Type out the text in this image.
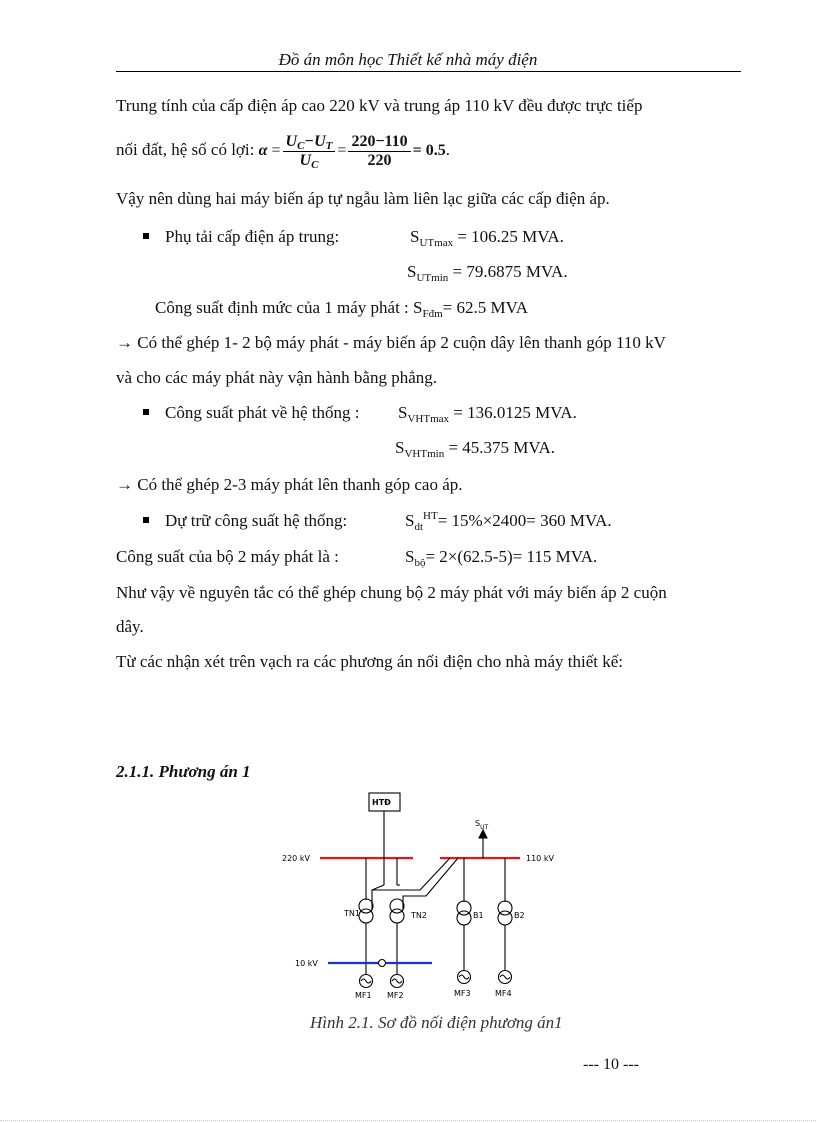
Đồ án môn học Thiết kế nhà máy điện
Trung tính của cấp điện áp cao 220 kV và trung áp 110 kV đều được trực tiếp
nối đất, hệ số có lợi: $\alpha = \frac{UC-UT}{UC} = \frac{220-110}{220} = 0.5$.
Vậy nên dùng hai máy biến áp tự ngẫu làm liên lạc giữa các cấp điện áp.
Phụ tải cấp điện áp trung:	$S_{UTmax} = 106.25$ MVA.
$S_{UTmin} = 79.6875$ MVA.
Công suất định mức của 1 máy phát : $S_{Fđm}= 62.5$ MVA
→ Có thể ghép 1- 2 bộ máy phát - máy biến áp 2 cuộn dây lên thanh góp 110 kV
và cho các máy phát này vận hành bằng phẳng.
Công suất phát về hệ thống : $S_{VHTmax} = 136.0125$ MVA.
$S_{VHTmin} = 45.375$ MVA.
→ Có thể ghép 2-3 máy phát lên thanh góp cao áp.
Dự trữ công suất hệ thống:	$S_{dt}^{HT}= 15\%\times 2400= 360$ MVA.
Công suất của bộ 2 máy phát là :	$S_{bộ}= 2\times(62.5-5)= 115$ MVA.
Như vậy về nguyên tắc có thể ghép chung bộ 2 máy phát với máy biến áp 2 cuộn
dây.
Từ các nhận xét trên vạch ra các phương án nối điện cho nhà máy thiết kế:
2.1.1. Phương án 1
HTĐ
$S_{UT}$
220 kV	110 kV
10 kV
TN1	TN2	B1	B2
MF1 MF2	MF3	MF4
Hình 2.1. Sơ đồ nối điện phương án1
--- 10 ---
